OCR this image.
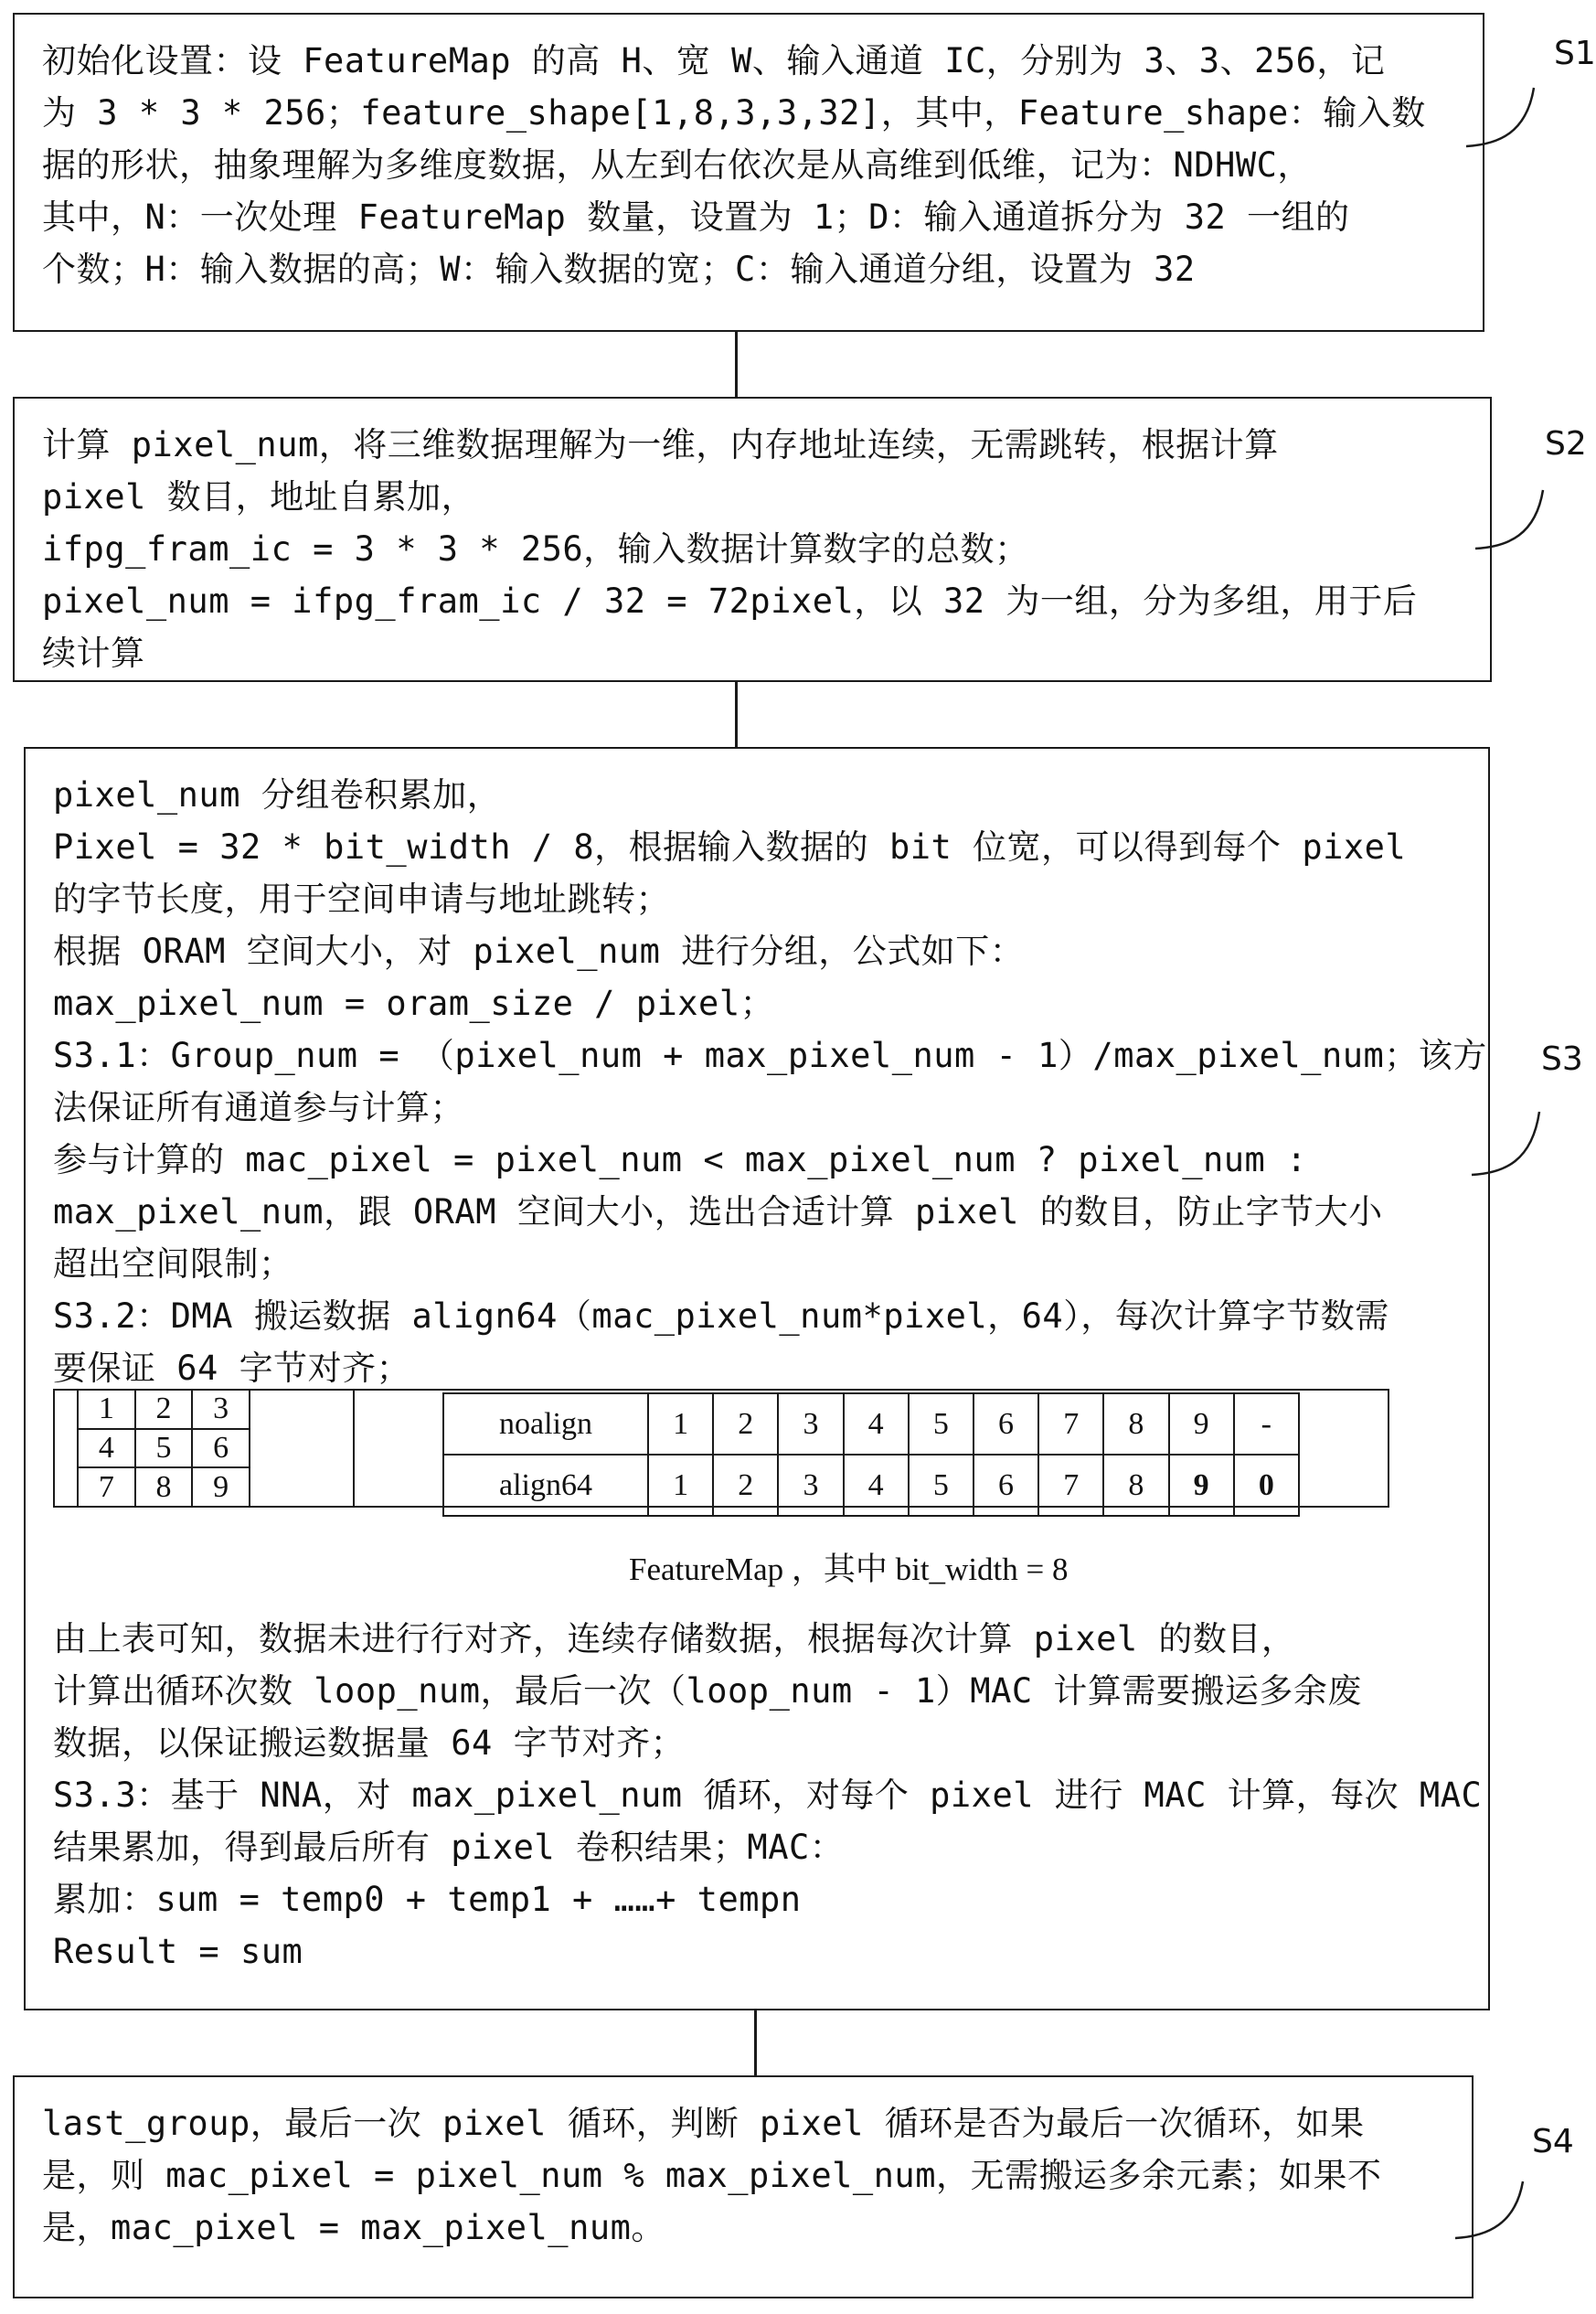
初始化设置：设 FeatureMap 的高 H、宽 W、输入通道 IC，分别为 3、3、256，记
为 3 * 3 * 256；feature_shape[1,8,3,3,32]，其中，Feature_shape：输入数
据的形状，抽象理解为多维度数据，从左到右依次是从高维到低维，记为：NDHWC，
其中，N：一次处理 FeatureMap 数量，设置为 1；D：输入通道拆分为 32 一组的
个数；H：输入数据的高；W：输入数据的宽；C：输入通道分组，设置为 32
S1
计算 pixel_num，将三维数据理解为一维，内存地址连续，无需跳转，根据计算
pixel 数目，地址自累加，
ifpg_fram_ic = 3 * 3 * 256，输入数据计算数字的总数；
pixel_num = ifpg_fram_ic / 32 = 72pixel，以 32 为一组，分为多组，用于后
续计算
S2
pixel_num 分组卷积累加，
Pixel = 32 * bit_width / 8，根据输入数据的 bit 位宽，可以得到每个 pixel
的字节长度，用于空间申请与地址跳转；
根据 ORAM 空间大小，对 pixel_num 进行分组，公式如下：
max_pixel_num = oram_size / pixel；
S3.1：Group_num = （pixel_num + max_pixel_num - 1）/max_pixel_num；该方
法保证所有通道参与计算；
参与计算的 mac_pixel = pixel_num < max_pixel_num ? pixel_num :
max_pixel_num，跟 ORAM 空间大小，选出合适计算 pixel 的数目，防止字节大小
超出空间限制；
S3.2：DMA 搬运数据 align64（mac_pixel_num*pixel，64），每次计算字节数需
要保证 64 字节对齐；
1	2	3
4	5	6
7	8	9
noalign	1	2	3	4	5	6	7	8	9	-
align64	1	2	3	4	5	6	7	8	9	0
FeatureMap ，其中 bit_width = 8
由上表可知，数据未进行行对齐，连续存储数据，根据每次计算 pixel 的数目，
计算出循环次数 loop_num，最后一次（loop_num - 1）MAC 计算需要搬运多余废
数据，以保证搬运数据量 64 字节对齐；
S3.3：基于 NNA，对 max_pixel_num 循环，对每个 pixel 进行 MAC 计算，每次 MAC
结果累加，得到最后所有 pixel 卷积结果；MAC：
累加：sum = temp0 + temp1 + ……+ tempn
Result = sum
S3
last_group，最后一次 pixel 循环，判断 pixel 循环是否为最后一次循环，如果
是，则 mac_pixel = pixel_num % max_pixel_num，无需搬运多余元素；如果不
是，mac_pixel = max_pixel_num。
S4
